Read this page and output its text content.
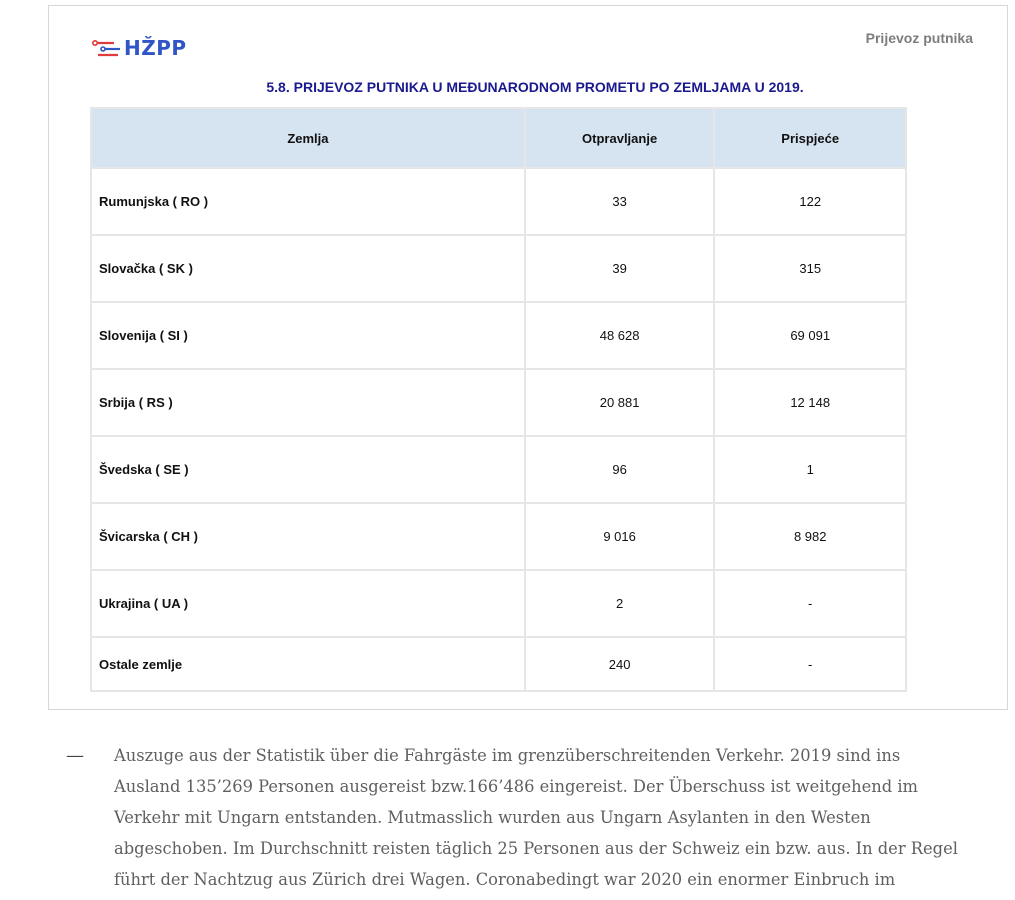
HŽPP	Prijevoz putnika
5.8. PRIJEVOZ PUTNIKA U MEĐUNARODNOM PROMETU PO ZEMLJAMA U 2019.
Zemlja	Otpravljanje	Prispjeće
Rumunjska ( RO )	33	122
Slovačka ( SK )	39	315
Slovenija ( SI )	48 628	69 091
Srbija ( RS )	20 881	12 148
Švedska ( SE )	96	1
Švicarska ( CH )	9 016	8 982
Ukrajina ( UA )	2	-
Ostale zemlje	240	-
—	Auszuge aus der Statistik über die Fahrgäste im grenzüberschreitenden Verkehr. 2019 sind ins
Ausland 135’269 Personen ausgereist bzw.166’486 eingereist. Der Überschuss ist weitgehend im
Verkehr mit Ungarn entstanden. Mutmasslich wurden aus Ungarn Asylanten in den Westen
abgeschoben. Im Durchschnitt reisten täglich 25 Personen aus der Schweiz ein bzw. aus. In der Regel
führt der Nachtzug aus Zürich drei Wagen. Coronabedingt war 2020 ein enormer Einbruch im
